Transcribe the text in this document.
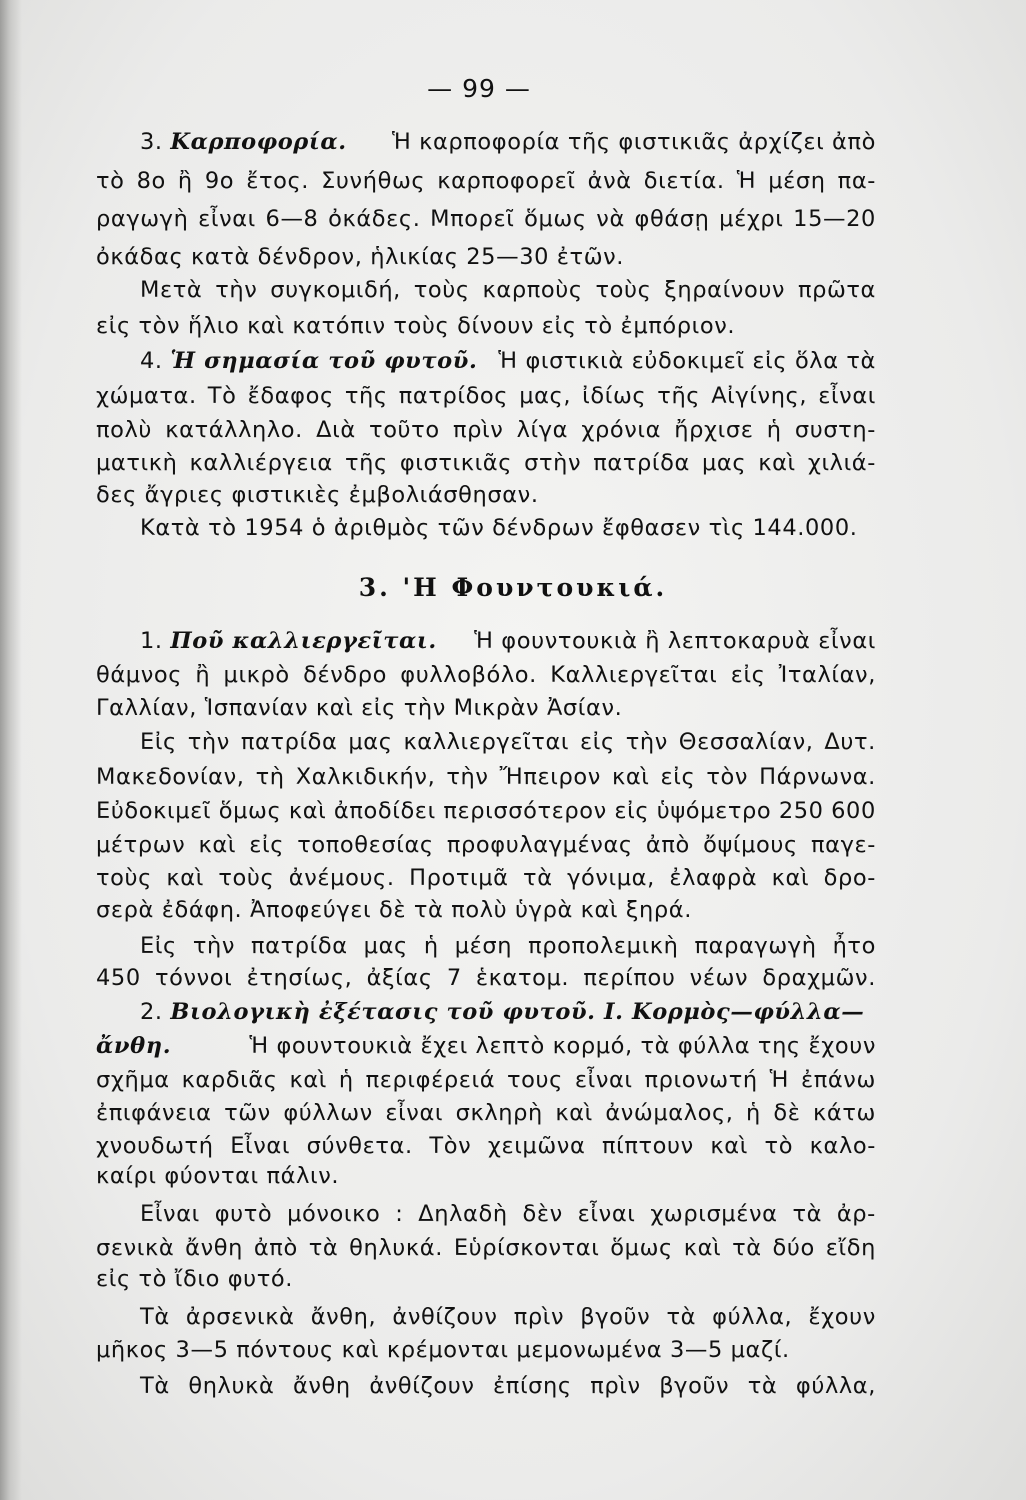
— 99 —
3. Καρποφορία. Ἡ καρποφορία τῆς φιστικιᾶς ἀρχίζει ἀπὸ
τὸ 8ο ἢ 9ο ἔτος. Συνήθως καρποφορεῖ ἀνὰ διετία. Ἡ μέση πα-
ραγωγὴ εἶναι 6—8 ὀκάδες. Μπορεῖ ὅμως νὰ φθάσῃ μέχρι 15—20
ὀκάδας κατὰ δένδρον, ἡλικίας 25—30 ἐτῶν.
Μετὰ τὴν συγκομιδή, τοὺς καρποὺς τοὺς ξηραίνουν πρῶτα
εἰς τὸν ἥλιο καὶ κατόπιν τοὺς δίνουν εἰς τὸ ἐμπόριον.
4. Ἡ σημασία τοῦ φυτοῦ. Ἡ φιστικιὰ εὐδοκιμεῖ εἰς ὅλα τὰ
χώματα. Τὸ ἔδαφος τῆς πατρίδος μας, ἰδίως τῆς Αἰγίνης, εἶναι
πολὺ κατάλληλο. Διὰ τοῦτο πρὶν λίγα χρόνια ἤρχισε ἡ συστη-
ματικὴ καλλιέργεια τῆς φιστικιᾶς στὴν πατρίδα μας καὶ χιλιά-
δες ἄγριες φιστικιὲς ἐμβολιάσθησαν.
Κατὰ τὸ 1954 ὁ ἀριθμὸς τῶν δένδρων ἔφθασεν τὶς 144.000.
3. 'Η Φουντουκιά.
1. Ποῦ καλλιεργεῖται. Ἡ φουντουκιὰ ἢ λεπτοκαρυὰ εἶναι
θάμνος ἢ μικρὸ δένδρο φυλλοβόλο. Καλλιεργεῖται εἰς Ἰταλίαν,
Γαλλίαν, Ἱσπανίαν καὶ εἰς τὴν Μικρὰν Ἀσίαν.
Εἰς τὴν πατρίδα μας καλλιεργεῖται εἰς τὴν Θεσσαλίαν, Δυτ.
Μακεδονίαν, τὴ Χαλκιδικήν, τὴν Ἤπειρον καὶ εἰς τὸν Πάρνωνα.
Εὐδοκιμεῖ ὅμως καὶ ἀποδίδει περισσότερον εἰς ὑψόμετρο 250 600
μέτρων καὶ εἰς τοποθεσίας προφυλαγμένας ἀπὸ ὄψίμους παγε-
τοὺς καὶ τοὺς ἀνέμους. Προτιμᾶ τὰ γόνιμα, ἐλαφρὰ καὶ δρο-
σερὰ ἐδάφη. Ἀποφεύγει δὲ τὰ πολὺ ὑγρὰ καὶ ξηρά.
Εἰς τὴν πατρίδα μας ἡ μέση προπολεμικὴ παραγωγὴ ἦτο
450 τόννοι ἐτησίως, ἀξίας 7 ἑκατομ. περίπου νέων δραχμῶν.
2. Βιολογικὴ ἐξέτασις τοῦ φυτοῦ. Ι. Κορμὸς—φύλλα—
ἄνθη.	Ἡ φουντουκιὰ ἔχει λεπτὸ κορμό, τὰ φύλλα της ἔχουν
σχῆμα καρδιᾶς καὶ ἡ περιφέρειά τους εἶναι πριονωτή Ἡ ἐπάνω
ἐπιφάνεια τῶν φύλλων εἶναι σκληρὴ καὶ ἀνώμαλος, ἡ δὲ κάτω
χνουδωτή Εἶναι σύνθετα. Τὸν χειμῶνα πίπτουν καὶ τὸ καλο-
καίρι φύονται πάλιν.
Εἶναι φυτὸ μόνοικο : Δηλαδὴ δὲν εἶναι χωρισμένα τὰ ἀρ-
σενικὰ ἄνθη ἀπὸ τὰ θηλυκά. Εὑρίσκονται ὅμως καὶ τὰ δύο εἴδη
εἰς τὸ ἴδιο φυτό.
Τὰ ἀρσενικὰ ἄνθη, ἀνθίζουν πρὶν βγοῦν τὰ φύλλα, ἔχουν
μῆκος 3—5 πόντους καὶ κρέμονται μεμονωμένα 3—5 μαζί.
Τὰ θηλυκὰ ἄνθη ἀνθίζουν ἐπίσης πρὶν βγοῦν τὰ φύλλα,
